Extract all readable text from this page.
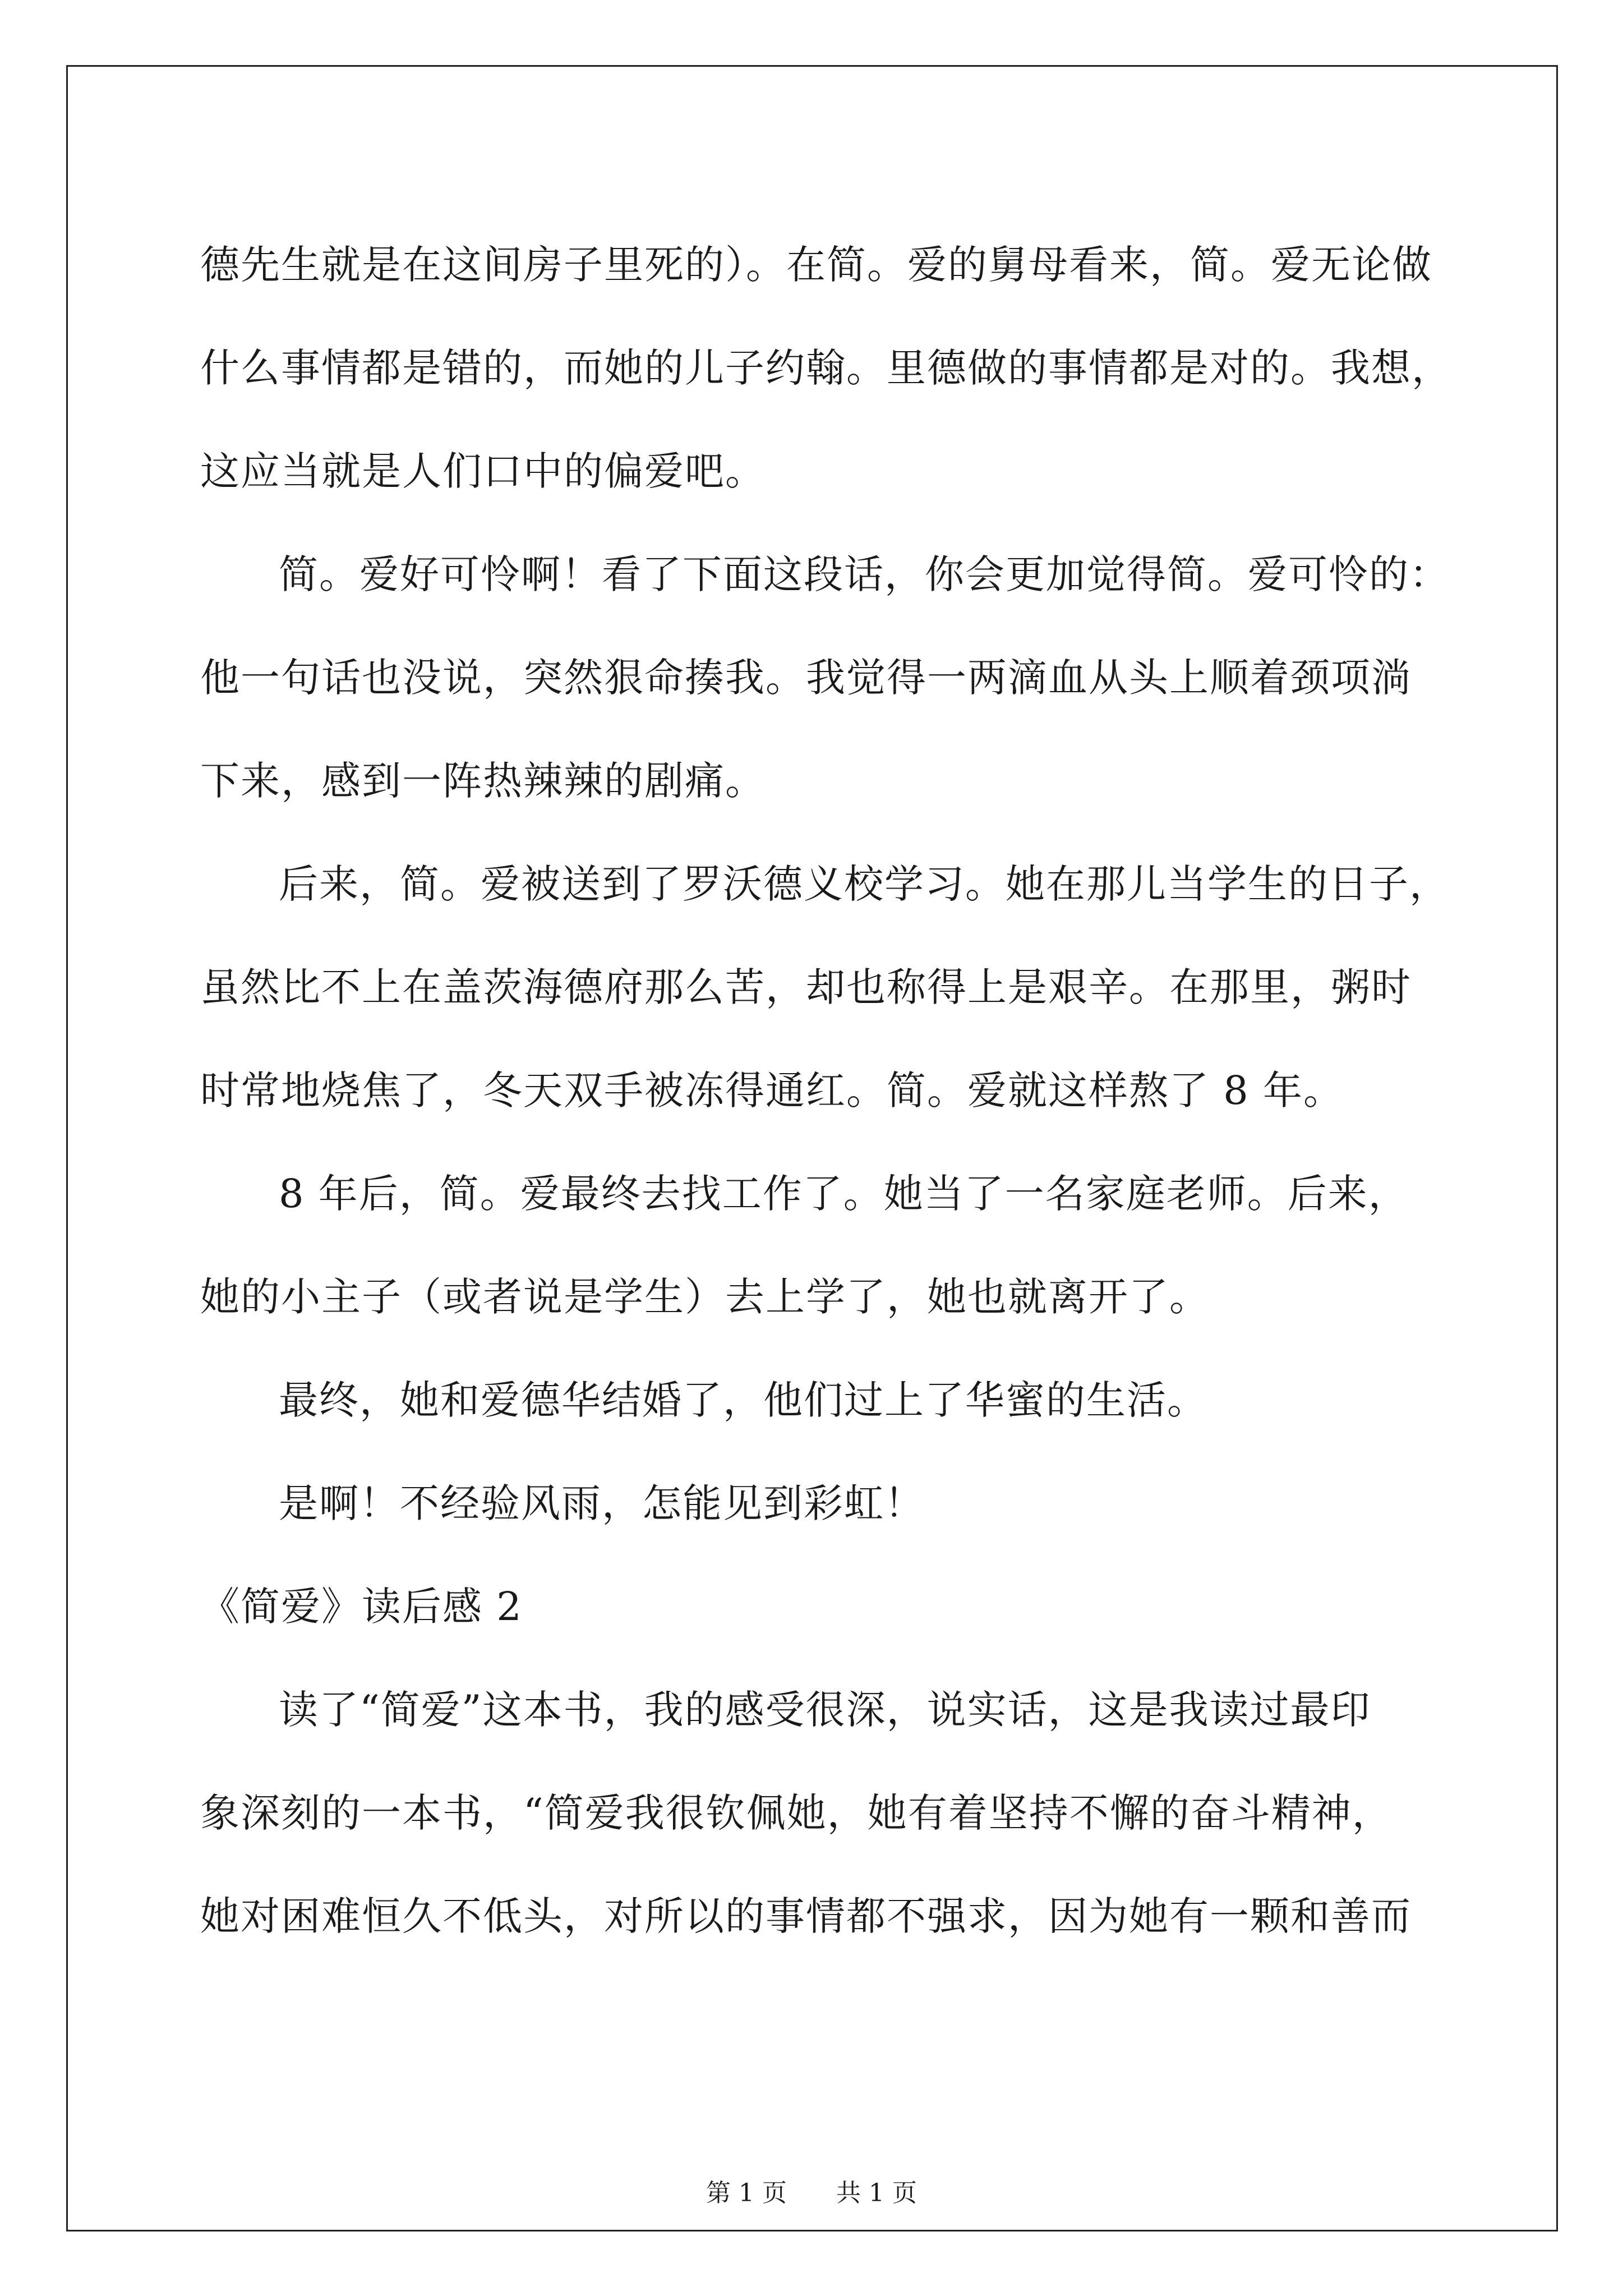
德先生就是在这间房子里死的）。在简。爱的舅母看来，简。爱无论做
什么事情都是错的，而她的儿子约翰。里德做的事情都是对的。我想，
这应当就是人们口中的偏爱吧。
简。爱好可怜啊！看了下面这段话，你会更加觉得简。爱可怜的：
他一句话也没说，突然狠命揍我。我觉得一两滴血从头上顺着颈项淌
下来，感到一阵热辣辣的剧痛。
后来，简。爱被送到了罗沃德义校学习。她在那儿当学生的日子，
虽然比不上在盖茨海德府那么苦，却也称得上是艰辛。在那里，粥时
时常地烧焦了，冬天双手被冻得通红。简。爱就这样熬了 8 年。
8 年后，简。爱最终去找工作了。她当了一名家庭老师。后来，
她的小主子（或者说是学生）去上学了，她也就离开了。
最终，她和爱德华结婚了，他们过上了华蜜的生活。
是啊！不经验风雨，怎能见到彩虹！
《简爱》读后感 2
读了“简爱”这本书，我的感受很深，说实话，这是我读过最印
象深刻的一本书，“简爱我很钦佩她，她有着坚持不懈的奋斗精神，
她对困难恒久不低头，对所以的事情都不强求，因为她有一颗和善而
第 1 页 共 1 页
